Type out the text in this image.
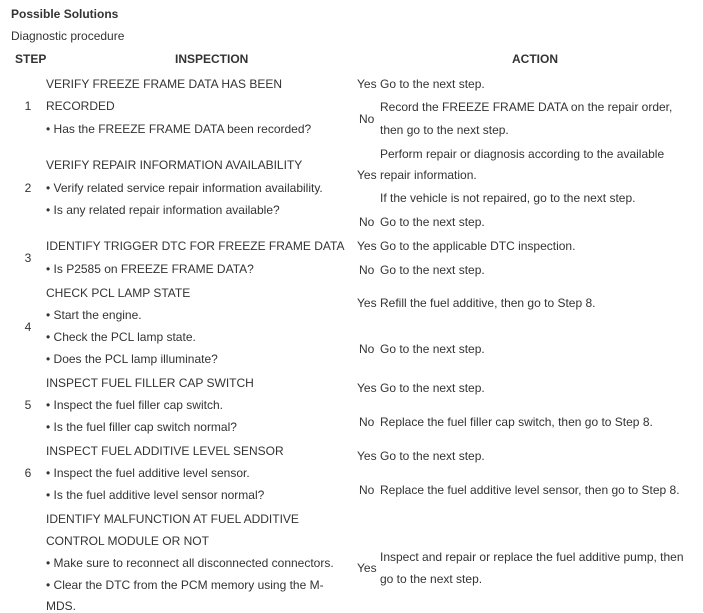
Possible Solutions
Diagnostic procedure
STEP	INSPECTION	ACTION
1
VERIFY FREEZE FRAME DATA HAS BEEN
RECORDED
• Has the FREEZE FRAME DATA been recorded?
Yes Go to the next step.
No
Record the FREEZE FRAME DATA on the repair order,
then go to the next step.
2
VERIFY REPAIR INFORMATION AVAILABILITY
• Verify related service repair information availability.
• Is any related repair information available?
Yes
Perform repair or diagnosis according to the available
repair information.
If the vehicle is not repaired, go to the next step.
No Go to the next step.
3
IDENTIFY TRIGGER DTC FOR FREEZE FRAME DATA
• Is P2585 on FREEZE FRAME DATA?
Yes Go to the applicable DTC inspection.
No Go to the next step.
4
CHECK PCL LAMP STATE
• Start the engine.
• Check the PCL lamp state.
• Does the PCL lamp illuminate?
Yes Refill the fuel additive, then go to Step 8.
No Go to the next step.
5
INSPECT FUEL FILLER CAP SWITCH
• Inspect the fuel filler cap switch.
• Is the fuel filler cap switch normal?
Yes Go to the next step.
No Replace the fuel filler cap switch, then go to Step 8.
6
INSPECT FUEL ADDITIVE LEVEL SENSOR
• Inspect the fuel additive level sensor.
• Is the fuel additive level sensor normal?
Yes Go to the next step.
No Replace the fuel additive level sensor, then go to Step 8.
IDENTIFY MALFUNCTION AT FUEL ADDITIVE
CONTROL MODULE OR NOT
• Make sure to reconnect all disconnected connectors.
• Clear the DTC from the PCM memory using the M-
MDS.
Yes
Inspect and repair or replace the fuel additive pump, then
go to the next step.
